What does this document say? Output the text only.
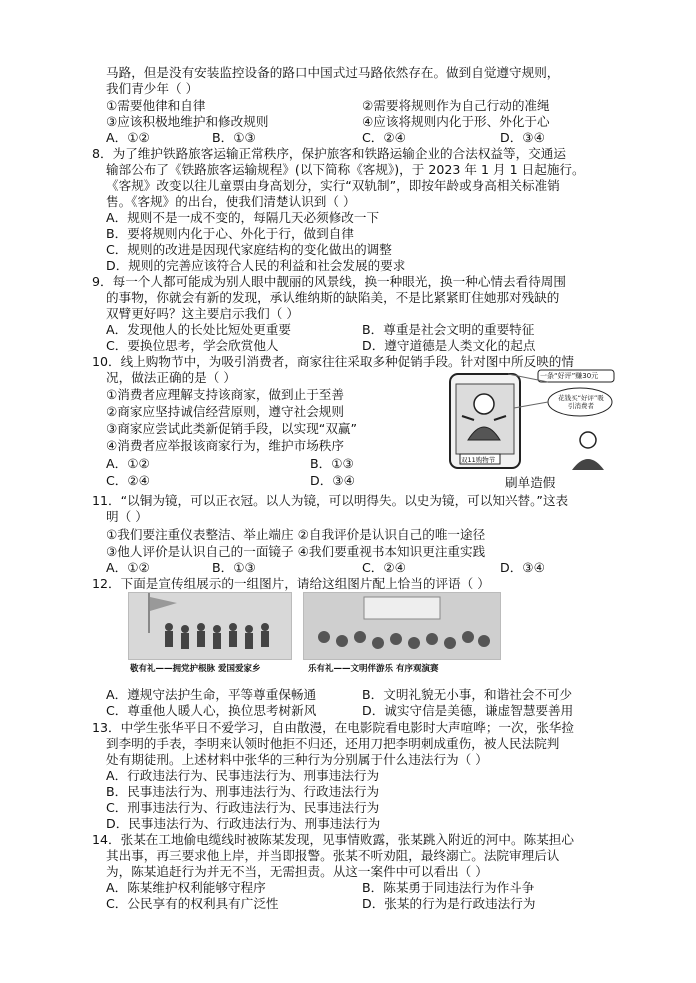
马路，但是没有安装监控设备的路口中国式过马路依然存在。做到自觉遵守规则，
我们青少年（ ）
①需要他律和自律	②需要将规则作为自己行动的准绳
③应该积极地维护和修改规则	④应该将规则内化于形、外化于心
A．①②	B．①③	C．②④	D．③④
8．为了维护铁路旅客运输正常秩序，保护旅客和铁路运输企业的合法权益等，交通运
输部公布了《铁路旅客运输规程》(以下简称《客规》)，于 2023 年 1 月 1 日起施行。
《客规》改变以往儿童票由身高划分，实行“双轨制”，即按年龄或身高相关标准销
售。《客规》的出台，使我们清楚认识到（ ）
A．规则不是一成不变的，每隔几天必须修改一下
B．要将规则内化于心、外化于行，做到自律
C．规则的改进是因现代家庭结构的变化做出的调整
D．规则的完善应该符合人民的利益和社会发展的要求
9．每一个人都可能成为别人眼中靓丽的风景线，换一种眼光，换一种心情去看待周围
的事物，你就会有新的发现，承认维纳斯的缺陷美，不是比紧紧盯住她那对残缺的
双臂更好吗？这主要启示我们（ ）
A．发现他人的长处比短处更重要	B．尊重是社会文明的重要特征
C．要换位思考，学会欣赏他人	D．遵守道德是人类文化的起点
10．线上购物节中，为吸引消费者，商家往往采取多种促销手段。针对图中所反映的情
况，做法正确的是（ ）
①消费者应理解支持该商家，做到止于至善
②商家应坚持诚信经营原则，遵守社会规则
③商家应尝试此类新促销手段，以实现“双赢”
④消费者应举报该商家行为，维护市场秩序
A．①②	B．①③
C．②④	D．③④
一条“好评”赚30元
花钱买“好评”吸引消费者
双11购物节
刷单造假
11．“以铜为镜，可以正衣冠。以人为镜，可以明得失。以史为镜，可以知兴替。”这表
明（ ）
①我们要注重仪表整洁、举止端庄 ②自我评价是认识自己的唯一途径
③他人评价是认识自己的一面镜子 ④我们要重视书本知识更注重实践
A．①②	B．①③	C．②④	D．③④
12．下面是宣传组展示的一组图片，请给这组图片配上恰当的评语（ ）
敬有礼——拥党护根脉 爱国爱家乡	乐有礼——文明伴游乐 有序观演赛
A．遵规守法护生命，平等尊重保畅通	B．文明礼貌无小事，和谐社会不可少
C．尊重他人暖人心，换位思考树新风	D．诚实守信是美德，谦虚智慧要善用
13．中学生张华平日不爱学习，自由散漫，在电影院看电影时大声喧哗；一次，张华捡
到李明的手表，李明来认领时他拒不归还，还用刀把李明刺成重伤，被人民法院判
处有期徒刑。上述材料中张华的三种行为分别属于什么违法行为（ ）
A．行政违法行为、民事违法行为、刑事违法行为
B．民事违法行为、刑事违法行为、行政违法行为
C．刑事违法行为、行政违法行为、民事违法行为
D．民事违法行为、行政违法行为、刑事违法行为
14．张某在工地偷电缆线时被陈某发现，见事情败露，张某跳入附近的河中。陈某担心
其出事，再三要求他上岸，并当即报警。张某不听劝阻，最终溺亡。法院审理后认
为，陈某追赶行为并无不当，无需担责。从这一案件中可以看出（ ）
A．陈某维护权利能够守程序	B．陈某勇于同违法行为作斗争
C．公民享有的权利具有广泛性	D．张某的行为是行政违法行为
